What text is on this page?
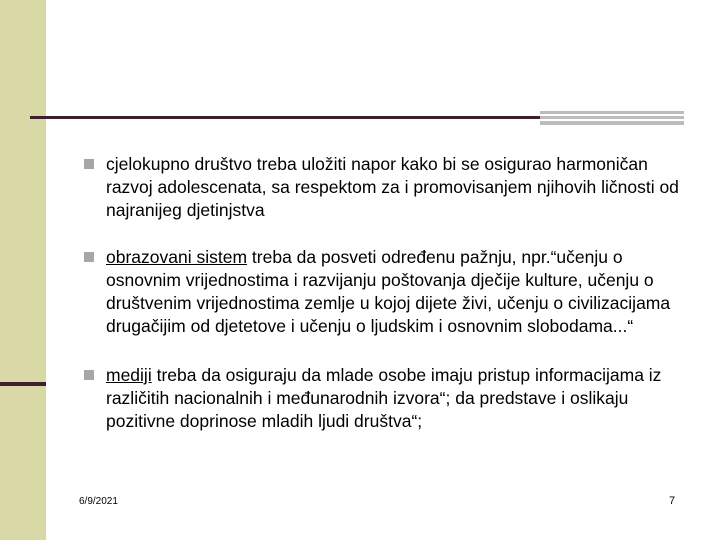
cjelokupno društvo treba uložiti napor kako bi se osigurao harmoničan razvoj adolescenata, sa respektom za i promovisanjem njihovih ličnosti od najranijeg djetinjstva
obrazovani sistem treba da posveti određenu pažnju, npr.“učenju o osnovnim vrijednostima i razvijanju poštovanja dječije kulture, učenju o društvenim vrijednostima zemlje u kojoj dijete živi, učenju o civilizacijama drugačijim od djetetove i učenju o ljudskim i osnovnim slobodama...“
mediji treba da osiguraju da mlade osobe imaju pristup informacijama iz različitih nacionalnih i međunarodnih izvora“; da predstave i oslikaju pozitivne doprinose mladih ljudi društva“;
6/9/2021	7
